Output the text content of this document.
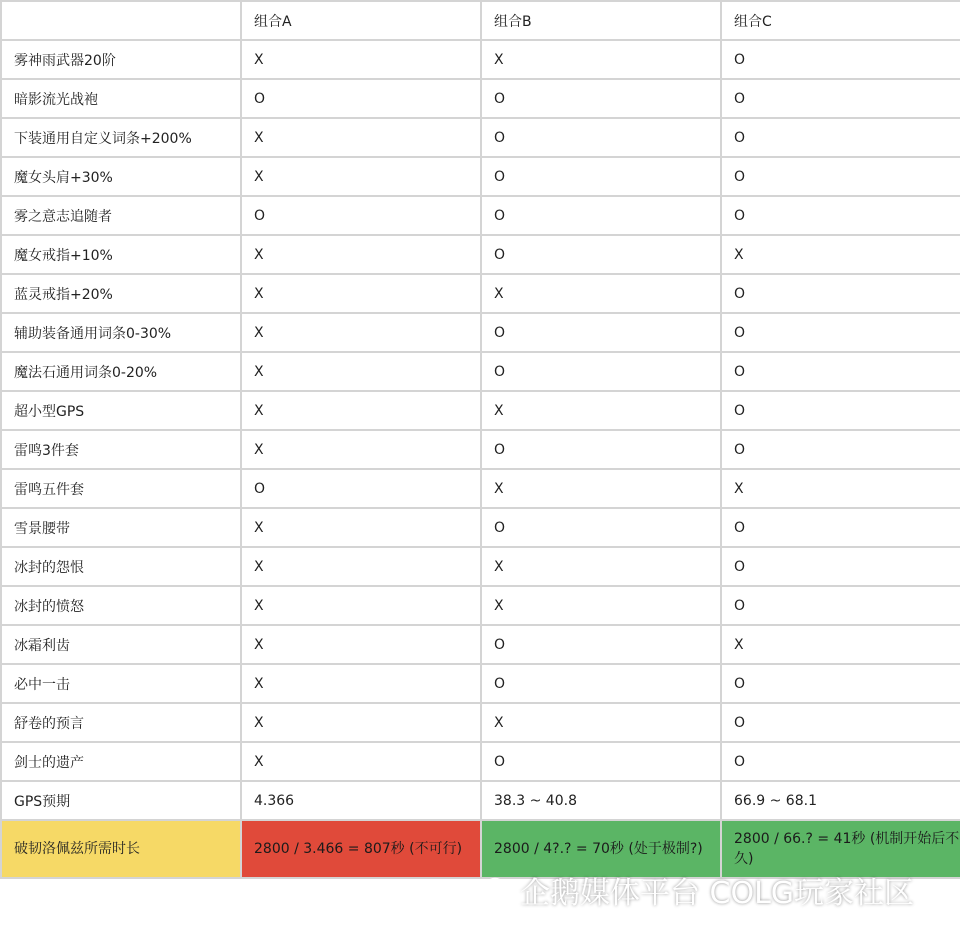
	组合A	组合B	组合C
雾神雨武器20阶	X	X	O
暗影流光战袍	O	O	O
下装通用自定义词条+200%	X	O	O
魔女头肩+30%	X	O	O
雾之意志追随者	O	O	O
魔女戒指+10%	X	O	X
蓝灵戒指+20%	X	X	O
辅助装备通用词条0-30%	X	O	O
魔法石通用词条0-20%	X	O	O
超小型GPS	X	X	O
雷鸣3件套	X	O	O
雷鸣五件套	O	X	X
雪景腰带	X	O	O
冰封的怨恨	X	X	O
冰封的愤怒	X	X	O
冰霜利齿	X	O	X
必中一击	X	O	O
舒卷的预言	X	X	O
剑士的遗产	X	O	O
GPS预期	4.366	38.3 ~ 40.8	66.9 ~ 68.1
破韧洛佩兹所需时长	2800 / 3.466 = 807秒 (不可行)	2800 / 4?.? = 70秒 (处于极制?)	2800 / 66.? = 41秒 (机制开始后不久)
企鹅媒体平台 COLG玩家社区
